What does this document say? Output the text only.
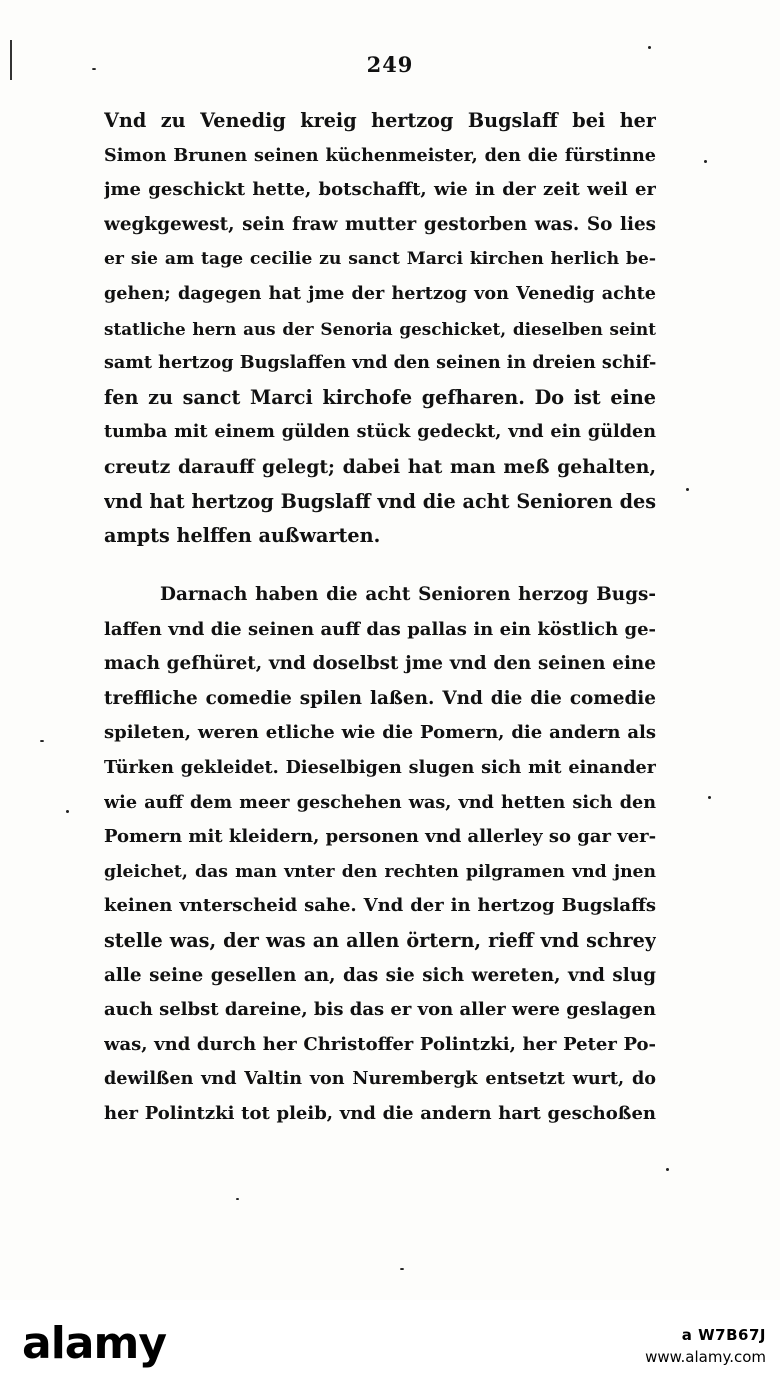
249
Vnd zu Venedig kreig hertzog Bugslaff bei her
Simon Brunen seinen küchenmeister, den die fürstinne
jme geschickt hette, botschafft, wie in der zeit weil er
wegkgewest, sein fraw mutter gestorben was. So lies
er sie am tage cecilie zu sanct Marci kirchen herlich be-
gehen; dagegen hat jme der hertzog von Venedig achte
statliche hern aus der Senoria geschicket, dieselben seint
samt hertzog Bugslaffen vnd den seinen in dreien schif-
fen zu sanct Marci kirchofe gefharen. Do ist eine
tumba mit einem gülden stück gedeckt, vnd ein gülden
creutz darauff gelegt; dabei hat man meß gehalten,
vnd hat hertzog Bugslaff vnd die acht Senioren des
ampts helffen außwarten.
Darnach haben die acht Senioren herzog Bugs-
laffen vnd die seinen auff das pallas in ein köstlich ge-
mach gefhüret, vnd doselbst jme vnd den seinen eine
treffliche comedie spilen laßen. Vnd die die comedie
spileten, weren etliche wie die Pomern, die andern als
Türken gekleidet. Dieselbigen slugen sich mit einander
wie auff dem meer geschehen was, vnd hetten sich den
Pomern mit kleidern, personen vnd allerley so gar ver-
gleichet, das man vnter den rechten pilgramen vnd jnen
keinen vnterscheid sahe. Vnd der in hertzog Bugslaffs
stelle was, der was an allen örtern, rieff vnd schrey
alle seine gesellen an, das sie sich wereten, vnd slug
auch selbst dareine, bis das er von aller were geslagen
was, vnd durch her Christoffer Polintzki, her Peter Po-
dewilßen vnd Valtin von Nurembergk entsetzt wurt, do
her Polintzki tot pleib, vnd die andern hart geschoßen
alamy	a W7B67J
www.alamy.com
